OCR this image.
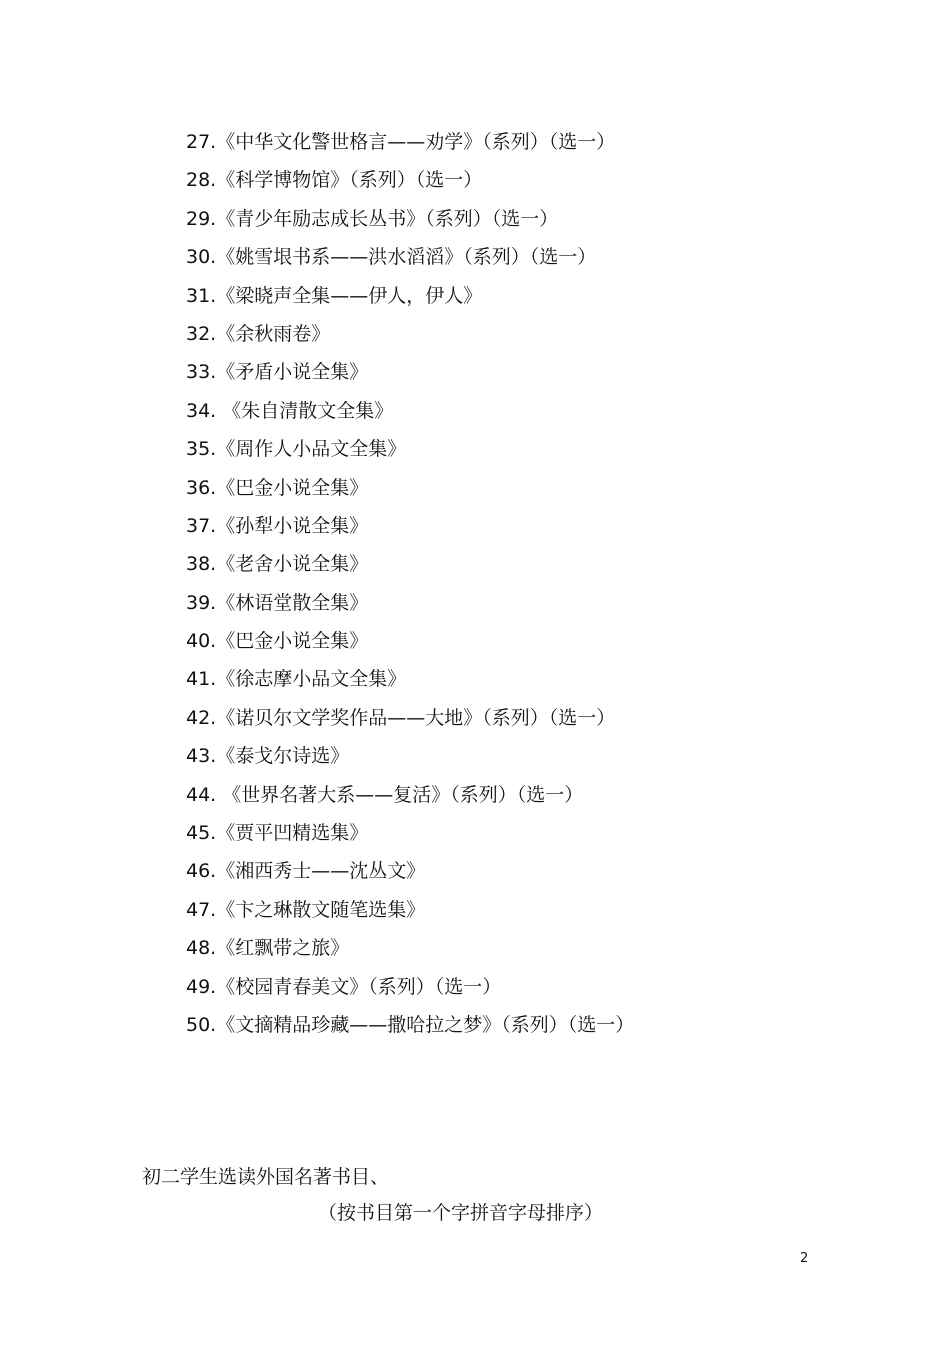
27.《中华文化警世格言——劝学》（系列）（选一）
28.《科学博物馆》（系列）（选一）
29.《青少年励志成长丛书》（系列）（选一）
30.《姚雪垠书系——洪水滔滔》（系列）（选一）
31.《梁晓声全集——伊人，伊人》
32.《余秋雨卷》
33.《矛盾小说全集》
34. 《朱自清散文全集》
35.《周作人小品文全集》
36.《巴金小说全集》
37.《孙犁小说全集》
38.《老舍小说全集》
39.《林语堂散全集》
40.《巴金小说全集》
41.《徐志摩小品文全集》
42.《诺贝尔文学奖作品——大地》（系列）（选一）
43.《泰戈尔诗选》
44. 《世界名著大系——复活》（系列）（选一）
45.《贾平凹精选集》
46.《湘西秀士——沈丛文》
47.《卞之琳散文随笔选集》
48.《红飘带之旅》
49.《校园青春美文》（系列）（选一）
50.《文摘精品珍藏——撒哈拉之梦》（系列）（选一）
初二学生选读外国名著书目、
（按书目第一个字拼音字母排序）
2
